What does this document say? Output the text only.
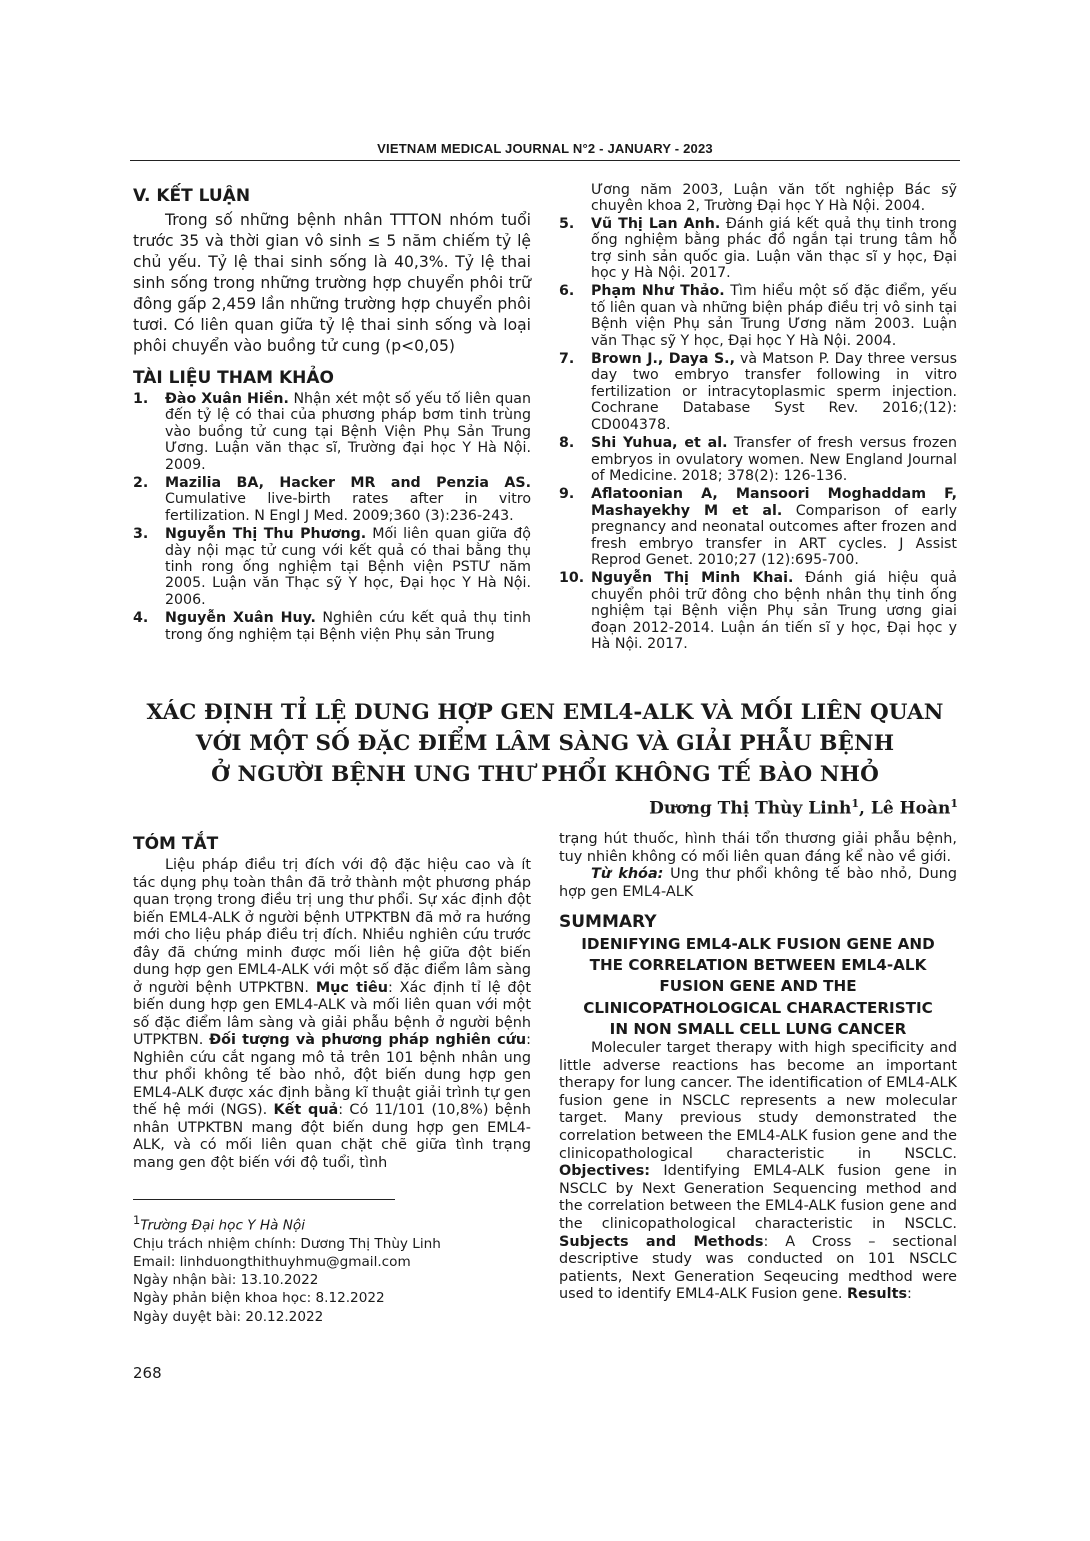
VIETNAM MEDICAL JOURNAL N°2 - JANUARY - 2023
V. KẾT LUẬN

Trong số những bệnh nhân TTTON nhóm tuổi trước 35 và thời gian vô sinh ≤ 5 năm chiếm tỷ lệ chủ yếu. Tỷ lệ thai sinh sống là 40,3%. Tỷ lệ thai sinh sống trong những trường hợp chuyển phôi trữ đông gấp 2,459 lần những trường hợp chuyển phôi tươi. Có liên quan giữa tỷ lệ thai sinh sống và loại phôi chuyển vào buồng tử cung (p<0,05)

TÀI LIỆU THAM KHẢO

1. Đào Xuân Hiền. Nhận xét một số yếu tố liên quan đến tỷ lệ có thai của phương pháp bơm tinh trùng vào buồng tử cung tại Bệnh Viện Phụ Sản Trung Ương. Luận văn thạc sĩ, Trường đại học Y Hà Nội. 2009.

2. Mazilia BA, Hacker MR and Penzia AS. Cumulative live-birth rates after in vitro fertilization. N Engl J Med. 2009;360 (3):236-243.

3. Nguyễn Thị Thu Phương. Mối liên quan giữa độ dày nội mạc tử cung với kết quả có thai bằng thụ tinh rong ống nghiệm tại Bệnh viện PSTƯ năm 2005. Luận văn Thạc sỹ Y học, Đại học Y Hà Nội. 2006.

4. Nguyễn Xuân Huy. Nghiên cứu kết quả thụ tinh trong ống nghiệm tại Bệnh viện Phụ sản Trung

Ương năm 2003, Luận văn tốt nghiệp Bác sỹ chuyên khoa 2, Trường Đại học Y Hà Nội. 2004.

5. Vũ Thị Lan Anh. Đánh giá kết quả thụ tinh trong ống nghiệm bằng phác đồ ngắn tại trung tâm hỗ trợ sinh sản quốc gia. Luận văn thạc sĩ y học, Đại học y Hà Nội. 2017.

6. Phạm Như Thảo. Tìm hiểu một số đặc điểm, yếu tố liên quan và những biện pháp điều trị vô sinh tại Bệnh viện Phụ sản Trung Ương năm 2003. Luận văn Thạc sỹ Y học, Đại học Y Hà Nội. 2004.

7. Brown J., Daya S., và Matson P. Day three versus day two embryo transfer following in vitro fertilization or intracytoplasmic sperm injection. Cochrane Database Syst Rev. 2016;(12): CD004378.

8. Shi Yuhua, et al. Transfer of fresh versus frozen embryos in ovulatory women. New England Journal of Medicine. 2018; 378(2): 126-136.

9. Aflatoonian A, Mansoori Moghaddam F, Mashayekhy M et al. Comparison of early pregnancy and neonatal outcomes after frozen and fresh embryo transfer in ART cycles. J Assist Reprod Genet. 2010;27 (12):695-700.

10. Nguyễn Thị Minh Khai. Đánh giá hiệu quả chuyển phôi trữ đông cho bệnh nhân thụ tinh ống nghiệm tại Bệnh viện Phụ sản Trung ương giai đoạn 2012-2014. Luận án tiến sĩ y học, Đại học y Hà Nội. 2017.

XÁC ĐỊNH TỈ LỆ DUNG HỢP GEN EML4-ALK VÀ MỐI LIÊN QUAN
VỚI MỘT SỐ ĐẶC ĐIỂM LÂM SÀNG VÀ GIẢI PHẪU BỆNH
Ở NGƯỜI BỆNH UNG THƯ PHỔI KHÔNG TẾ BÀO NHỎ
Dương Thị Thùy Linh$^1$, Lê Hoàn$^1$
TÓM TẮT

Liệu pháp điều trị đích với độ đặc hiệu cao và ít tác dụng phụ toàn thân đã trở thành một phương pháp quan trọng trong điều trị ung thư phổi. Sự xác định đột biến EML4-ALK ở người bệnh UTPKTBN đã mở ra hướng mới cho liệu pháp điều trị đích. Nhiều nghiên cứu trước đây đã chứng minh được mối liên hệ giữa đột biến dung hợp gen EML4-ALK với một số đặc điểm lâm sàng ở người bệnh UTPKTBN. Mục tiêu: Xác định tỉ lệ đột biến dung hợp gen EML4-ALK và mối liên quan với một số đặc điểm lâm sàng và giải phẫu bệnh ở người bệnh UTPKTBN. Đối tượng và phương pháp nghiên cứu: Nghiên cứu cắt ngang mô tả trên 101 bệnh nhân ung thư phổi không tế bào nhỏ, đột biến dung hợp gen EML4-ALK được xác định bằng kĩ thuật giải trình tự gen thế hệ mới (NGS). Kết quả: Có 11/101 (10,8%) bệnh nhân UTPKTBN mang đột biến dung hợp gen EML4-ALK, và có mối liên quan chặt chẽ giữa tình trạng mang gen đột biến với độ tuổi, tình

trạng hút thuốc, hình thái tổn thương giải phẫu bệnh, tuy nhiên không có mối liên quan đáng kể nào về giới.

Từ khóa: Ung thư phổi không tế bào nhỏ, Dung hợp gen EML4-ALK

SUMMARY
IDENIFYING EML4-ALK FUSION GENE AND
THE CORRELATION BETWEEN EML4-ALK
FUSION GENE AND THE
CLINICOPATHOLOGICAL CHARACTERISTIC
IN NON SMALL CELL LUNG CANCER

Moleculer target therapy with high specificity and little adverse reactions has become an important therapy for lung cancer. The identification of EML4-ALK fusion gene in NSCLC represents a new molecular target. Many previous study demonstrated the correlation between the EML4-ALK fusion gene and the clinicopathological characteristic in NSCLC. Objectives: Identifying EML4-ALK fusion gene in NSCLC by Next Generation Sequencing method and the correlation between the EML4-ALK fusion gene and the clinicopathological characteristic in NSCLC. Subjects and Methods: A Cross – sectional descriptive study was conducted on 101 NSCLC patients, Next Generation Seqeucing medthod were used to identify EML4-ALK Fusion gene. Results:

$^1$Trường Đại học Y Hà Nội
Chịu trách nhiệm chính: Dương Thị Thùy Linh
Email: linhduongthithuyhmu@gmail.com
Ngày nhận bài: 13.10.2022
Ngày phản biện khoa học: 8.12.2022
Ngày duyệt bài: 20.12.2022
268
